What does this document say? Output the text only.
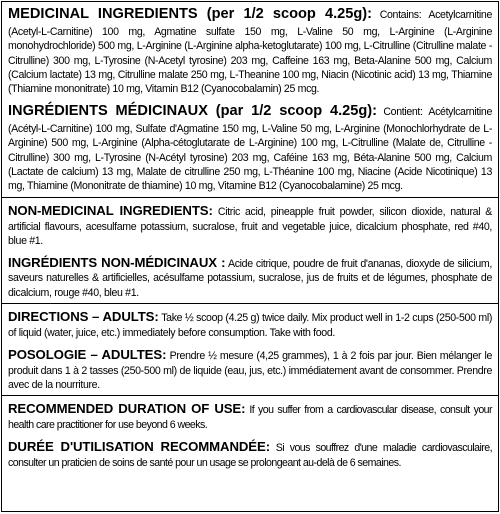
MEDICINAL INGREDIENTS (per 1/2 scoop 4.25g): Contains: Acetylcarnitine (Acetyl-L-Carnitine) 100 mg, Agmatine sulfate 150 mg, L-Valine 50 mg, L-Arginine (L-Arginine monohydrochloride) 500 mg, L-Arginine (L-Arginine alpha-ketoglutarate) 100 mg, L-Citrulline (Citrulline malate - Citrulline) 300 mg, L-Tyrosine (N-Acetyl tyrosine) 203 mg, Caffeine 163 mg, Beta-Alanine 500 mg, Calcium (Calcium lactate) 13 mg, Citrulline malate 250 mg, L-Theanine 100 mg, Niacin (Nicotinic acid) 13 mg, Thiamine (Thiamine mononitrate) 10 mg, Vitamin B12 (Cyanocobalamin) 25 mcg.

INGRÉDIENTS MÉDICINAUX (par 1/2 scoop 4.25g): Contient: Acétylcarnitine (Acétyl-L-Carnitine) 100 mg, Sulfate d'Agmatine 150 mg, L-Valine 50 mg, L-Arginine (Monochlorhydrate de L-Arginine) 500 mg, L-Arginine (Alpha-cétoglutarate de L-Arginine) 100 mg, L-Citrulline (Malate de, Citrulline - Citrulline) 300 mg, L-Tyrosine (N-Acétyl tyrosine) 203 mg, Caféine 163 mg, Béta-Alanine 500 mg, Calcium (Lactate de calcium) 13 mg, Malate de citrulline 250 mg, L-Théanine 100 mg, Niacine (Acide Nicotinique) 13 mg, Thiamine (Mononitrate de thiamine) 10 mg, Vitamine B12 (Cyanocobalamine) 25 mcg.

NON-MEDICINAL INGREDIENTS: Citric acid, pineapple fruit powder, silicon dioxide, natural & artificial flavours, acesulfame potassium, sucralose, fruit and vegetable juice, dicalcium phosphate, red #40, blue #1.

INGRÉDIENTS NON-MÉDICINAUX : Acide citrique, poudre de fruit d'ananas, dioxyde de silicium, saveurs naturelles & artificielles, acésulfame potassium, sucralose, jus de fruits et de légumes, phosphate de dicalcium, rouge #40, bleu #1.

DIRECTIONS – ADULTS: Take ½ scoop (4.25 g) twice daily. Mix product well in 1-2 cups (250-500 ml) of liquid (water, juice, etc.) immediately before consumption. Take with food.

POSOLOGIE – ADULTES: Prendre ½ mesure (4,25 grammes), 1 à 2 fois par jour. Bien mélanger le produit dans 1 à 2 tasses (250-500 ml) de liquide (eau, jus, etc.) immédiatement avant de consommer. Prendre avec de la nourriture.

RECOMMENDED DURATION OF USE: If you suffer from a cardiovascular disease, consult your health care practitioner for use beyond 6 weeks.

DURÉE D'UTILISATION RECOMMANDÉE: Si vous souffrez d'une maladie cardiovasculaire, consulter un praticien de soins de santé pour un usage se prolongeant au-delà de 6 semaines.
